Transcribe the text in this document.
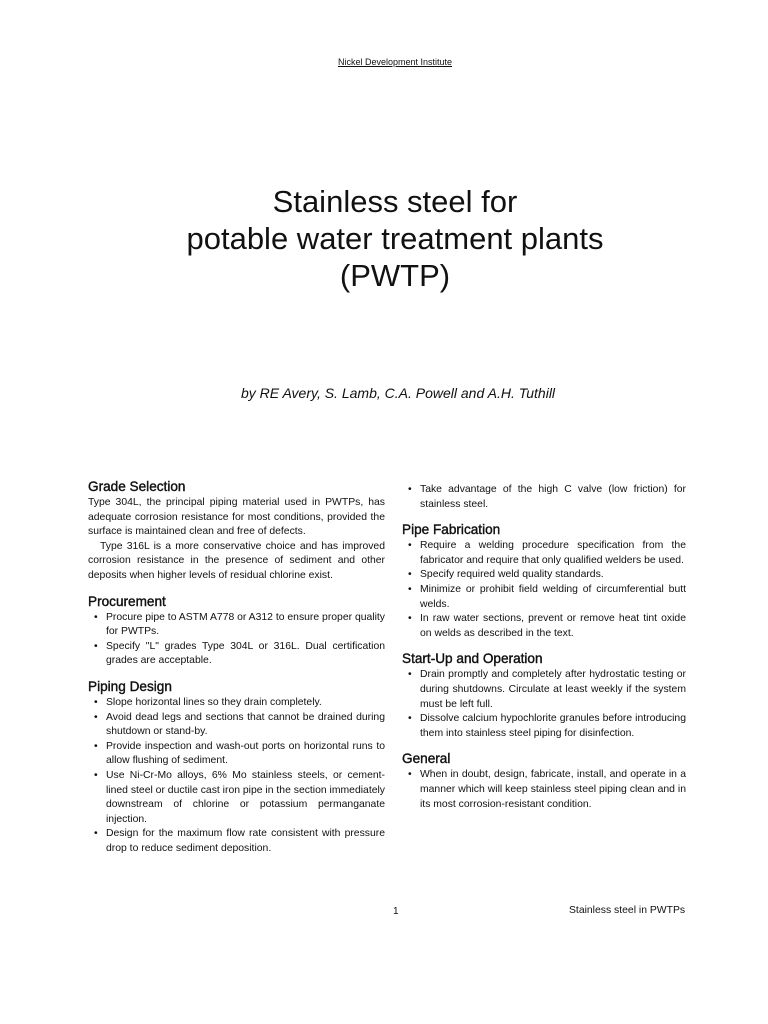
Nickel Development Institute
Stainless steel for
potable water treatment plants
(PWTP)
by RE Avery, S. Lamb, C.A. Powell and A.H. Tuthill
Grade Selection

Type 304L, the principal piping material used in PWTPs, has adequate corrosion resistance for most conditions, provided the surface is maintained clean and free of defects.

Type 316L is a more conservative choice and has improved corrosion resistance in the presence of sediment and other deposits when higher levels of residual chlorine exist.

Procurement
• Procure pipe to ASTM A778 or A312 to ensure proper quality for PWTPs.
• Specify "L" grades Type 304L or 316L. Dual certification grades are acceptable.
Piping Design
• Slope horizontal lines so they drain completely.
• Avoid dead legs and sections that cannot be drained during shutdown or stand-by.
• Provide inspection and wash-out ports on horizontal runs to allow flushing of sediment.
• Use Ni-Cr-Mo alloys, 6% Mo stainless steels, or cement-lined steel or ductile cast iron pipe in the section immediately downstream of chlorine or potassium permanganate injection.
• Design for the maximum flow rate consistent with pressure drop to reduce sediment deposition.
• Take advantage of the high C valve (low friction) for stainless steel.
Pipe Fabrication
• Require a welding procedure specification from the fabricator and require that only qualified welders be used.
• Specify required weld quality standards.
• Minimize or prohibit field welding of circumferential butt welds.
• In raw water sections, prevent or remove heat tint oxide on welds as described in the text.
Start-Up and Operation
• Drain promptly and completely after hydrostatic testing or during shutdowns. Circulate at least weekly if the system must be left full.
• Dissolve calcium hypochlorite granules before introducing them into stainless steel piping for disinfection.
General
• When in doubt, design, fabricate, install, and operate in a manner which will keep stainless steel piping clean and in its most corrosion-resistant condition.
1	Stainless steel in PWTPs
